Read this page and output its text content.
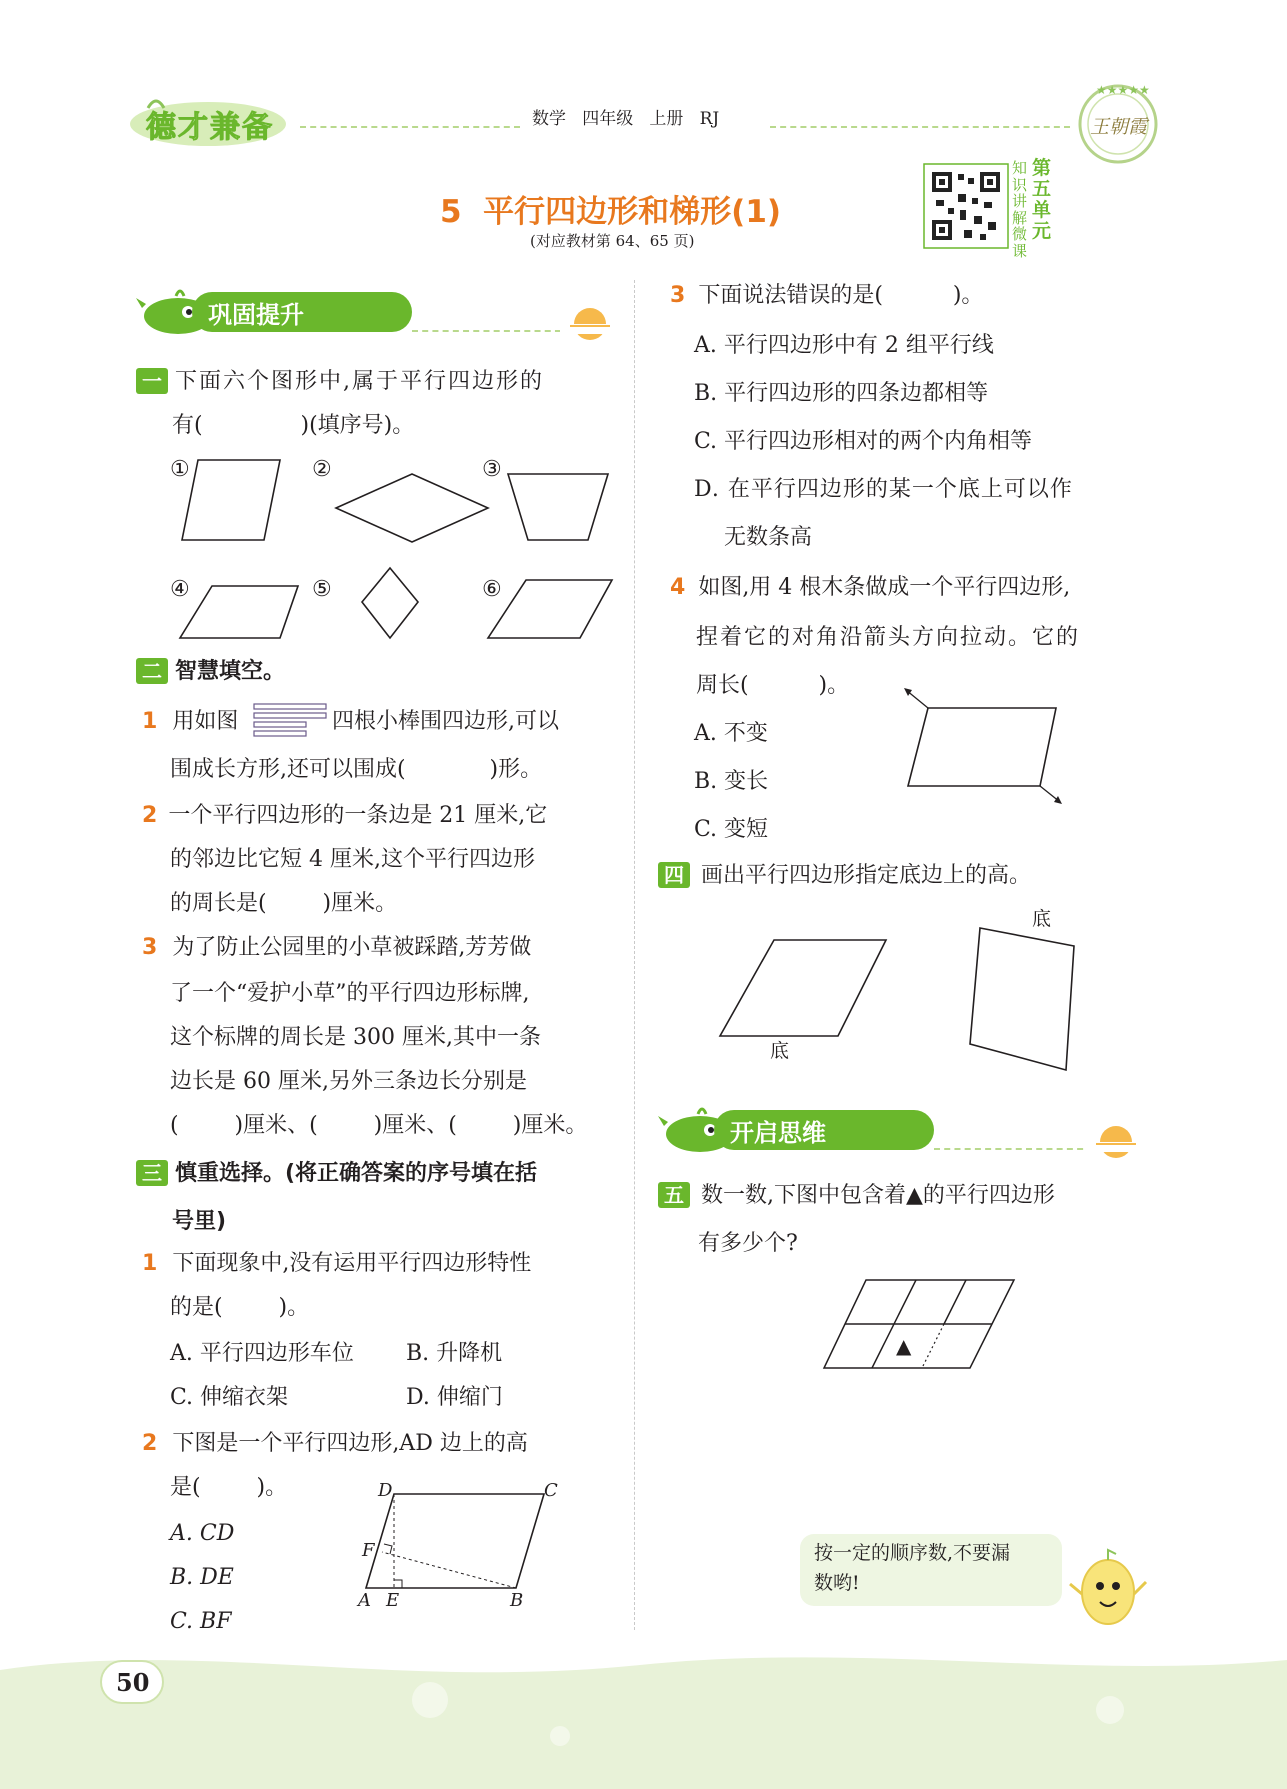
德才兼备	数学   四年级   上册   RJ
★★★★★
王朝霞
5  平行四边形和梯形(1)
(对应教材第 64、65 页)
知识讲解微课
第五单元
巩固提升
一 下面六个图形中,属于平行四边形的
有(              )(填序号)。
①	②	③
④	⑤	⑥
二 智慧填空。
1 用如图	四根小棒围四边形,可以
围成长方形,还可以围成(            )形。
2 一个平行四边形的一条边是 21 厘米,它
的邻边比它短 4 厘米,这个平行四边形
的周长是(        )厘米。
3 为了防止公园里的小草被踩踏,芳芳做
了一个“爱护小草”的平行四边形标牌,
这个标牌的周长是 300 厘米,其中一条
边长是 60 厘米,另外三条边长分别是
(        )厘米、(        )厘米、(        )厘米。
三 慎重选择。(将正确答案的序号填在括
号里)
1 下面现象中,没有运用平行四边形特性
的是(        )。
A. 平行四边形车位 B. 升降机
C. 伸缩衣架	D. 伸缩门
2 下图是一个平行四边形,AD 边上的高
是(        )。
A. CD
B. DE
C. BF
D	C
F
A E	B
3 下面说法错误的是(          )。
A. 平行四边形中有 2 组平行线
B. 平行四边形的四条边都相等
C. 平行四边形相对的两个内角相等
D. 在平行四边形的某一个底上可以作
无数条高
4 如图,用 4 根木条做成一个平行四边形,
捏着它的对角沿箭头方向拉动。它的
周长(          )。
A. 不变
B. 变长
C. 变短
四 画出平行四边形指定底边上的高。
底
底
开启思维
五 数一数,下图中包含着▲的平行四边形
有多少个?
▲
按一定的顺序数,不要漏
数哟!
50
